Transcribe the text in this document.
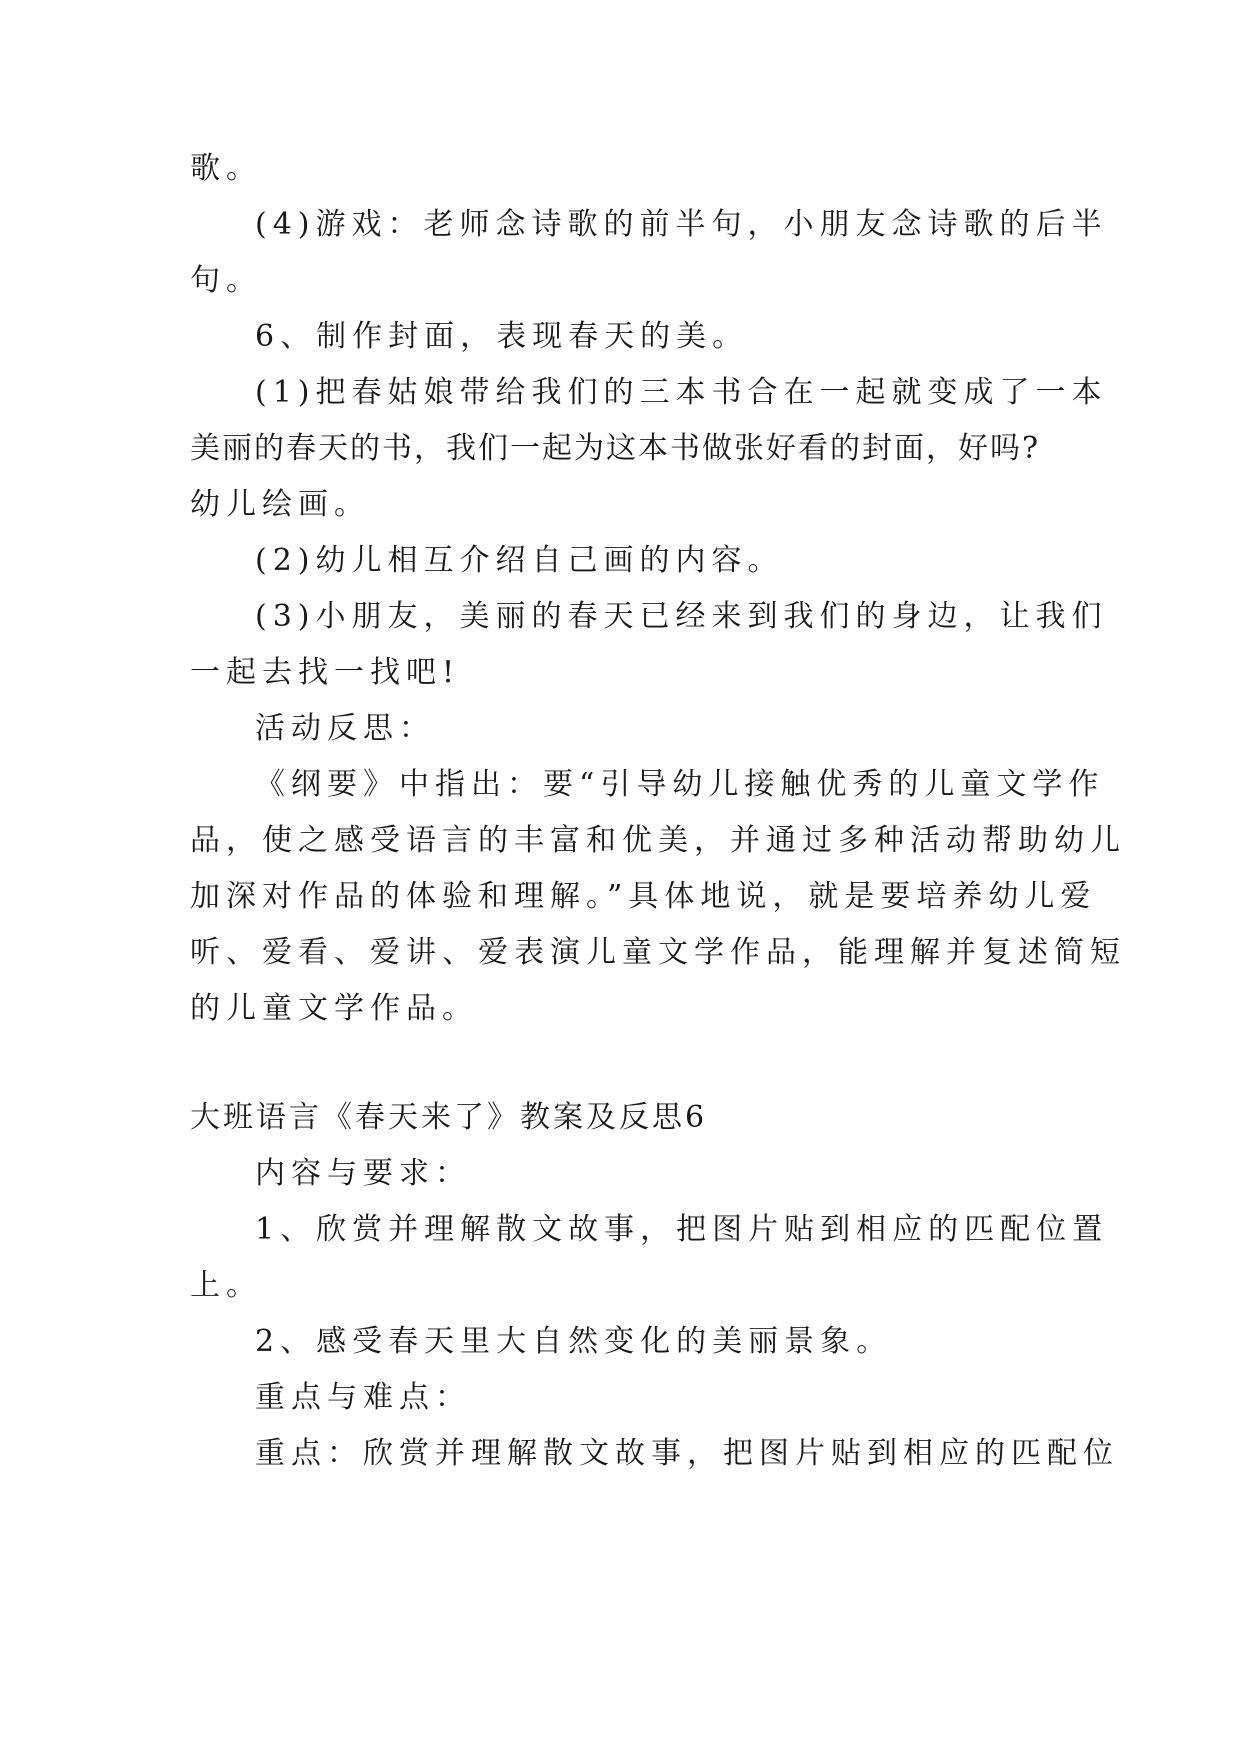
歌。
(4)游戏：老师念诗歌的前半句，小朋友念诗歌的后半
句。
6、制作封面，表现春天的美。
(1)把春姑娘带给我们的三本书合在一起就变成了一本
美丽的春天的书，我们一起为这本书做张好看的封面，好吗?
幼儿绘画。
(2)幼儿相互介绍自己画的内容。
(3)小朋友，美丽的春天已经来到我们的身边，让我们
一起去找一找吧!
活动反思：
《纲要》中指出：要“引导幼儿接触优秀的儿童文学作
品，使之感受语言的丰富和优美，并通过多种活动帮助幼儿
加深对作品的体验和理解。”具体地说，就是要培养幼儿爱
听、爱看、爱讲、爱表演儿童文学作品，能理解并复述简短
的儿童文学作品。
大班语言《春天来了》教案及反思6
内容与要求：
1、欣赏并理解散文故事，把图片贴到相应的匹配位置
上。
2、感受春天里大自然变化的美丽景象。
重点与难点：
重点：欣赏并理解散文故事，把图片贴到相应的匹配位
